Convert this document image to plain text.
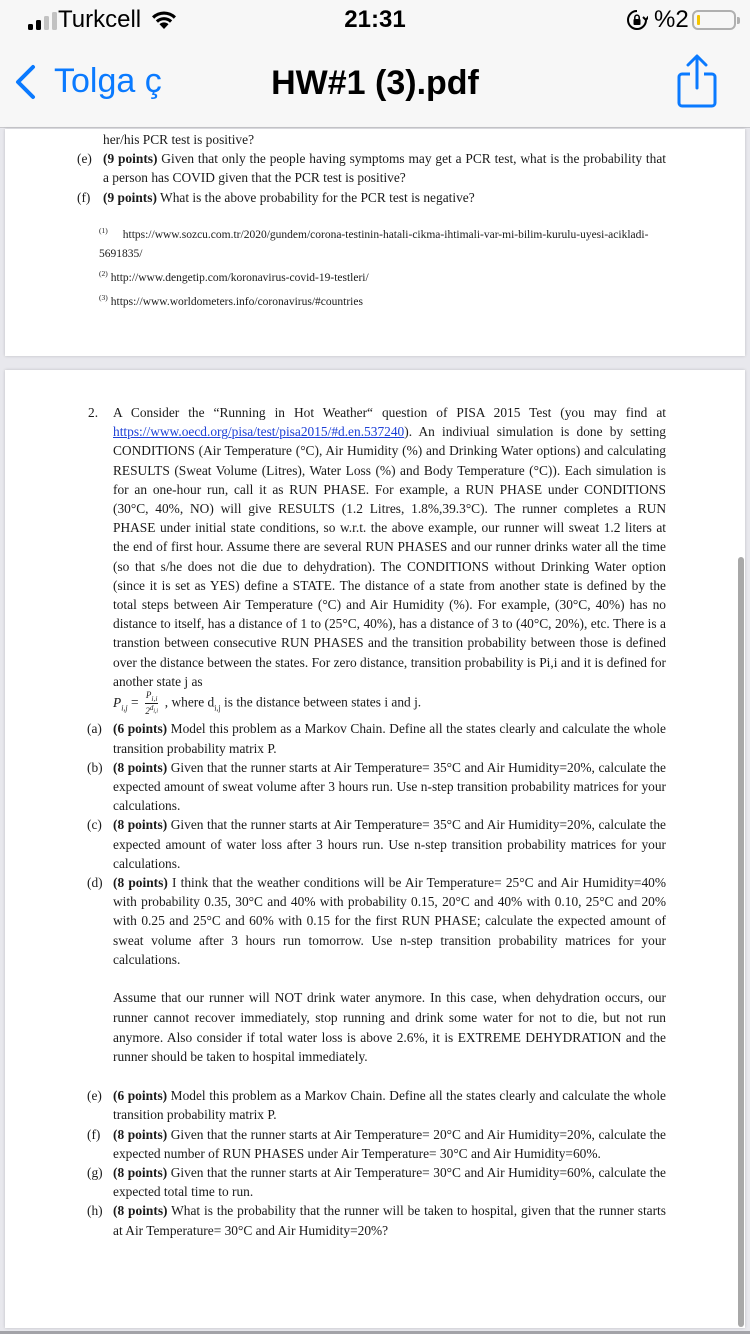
Turkcell	21:31	%2
Tolga ç	HW#1 (3).pdf
her/his PCR test is positive?
(e) (9 points) Given that only the people having symptoms may get a PCR test, what is the probability that a person has COVID given that the PCR test is positive?
(f) (9 points) What is the above probability for the PCR test is negative?
$^{(1)}$ https://www.sozcu.com.tr/2020/gundem/corona-testinin-hatali-cikma-ihtimali-var-mi-bilim-kurulu-uyesi-acikladi-5691835/
$^{(2)}$ http://www.dengetip.com/koronavirus-covid-19-testleri/
$^{(3)}$ https://www.worldometers.info/coronavirus/#countries
2. A Consider the “Running in Hot Weather“ question of PISA 2015 Test (you may find at https://www.oecd.org/pisa/test/pisa2015/#d.en.537240). An indiviual simulation is done by setting CONDITIONS (Air Temperature (°C), Air Humidity (%) and Drinking Water options) and calculating RESULTS (Sweat Volume (Litres), Water Loss (%) and Body Temperature (°C)). Each simulation is for an one-hour run, call it as RUN PHASE. For example, a RUN PHASE under CONDITIONS (30°C, 40%, NO) will give RESULTS (1.2 Litres, 1.8%,39.3°C). The runner completes a RUN PHASE under initial state conditions, so w.r.t. the above example, our runner will sweat 1.2 liters at the end of first hour. Assume there are several RUN PHASES and our runner drinks water all the time (so that s/he does not die due to dehydration). The CONDITIONS without Drinking Water option (since it is set as YES) define a STATE. The distance of a state from another state is defined by the total steps between Air Temperature (°C) and Air Humidity (%). For example, (30°C, 40%) has no distance to itself, has a distance of 1 to (25°C, 40%), has a distance of 3 to (40°C, 20%), etc. There is a transtion between consecutive RUN PHASES and the transition probability between those is defined over the distance between the states. For zero distance, transition probability is Pi,i and it is defined for another state j as
$P_{i,j} = \frac{P_{i,i}}{2^{d_{i,i}}}$ , where $d_{i,j}$ is the distance between states i and j.
(a) (6 points) Model this problem as a Markov Chain. Define all the states clearly and calculate the whole transition probability matrix P.
(b) (8 points) Given that the runner starts at Air Temperature= 35°C and Air Humidity=20%, calculate the expected amount of sweat volume after 3 hours run. Use n-step transition probability matrices for your calculations.
(c) (8 points) Given that the runner starts at Air Temperature= 35°C and Air Humidity=20%, calculate the expected amount of water loss after 3 hours run. Use n-step transition probability matrices for your calculations.
(d) (8 points) I think that the weather conditions will be Air Temperature= 25°C and Air Humidity=40% with probability 0.35, 30°C and 40% with probability 0.15, 20°C and 40% with 0.10, 25°C and 20% with 0.25 and 25°C and 60% with 0.15 for the first RUN PHASE; calculate the expected amount of sweat volume after 3 hours run tomorrow. Use n-step transition probability matrices for your calculations.
Assume that our runner will NOT drink water anymore. In this case, when dehydration occurs, our runner cannot recover immediately, stop running and drink some water for not to die, but not run anymore. Also consider if total water loss is above 2.6%, it is EXTREME DEHYDRATION and the runner should be taken to hospital immediately.
(e) (6 points) Model this problem as a Markov Chain. Define all the states clearly and calculate the whole transition probability matrix P.
(f) (8 points) Given that the runner starts at Air Temperature= 20°C and Air Humidity=20%, calculate the expected number of RUN PHASES under Air Temperature= 30°C and Air Humidity=60%.
(g) (8 points) Given that the runner starts at Air Temperature= 30°C and Air Humidity=60%, calculate the expected total time to run.
(h) (8 points) What is the probability that the runner will be taken to hospital, given that the runner starts at Air Temperature= 30°C and Air Humidity=20%?
